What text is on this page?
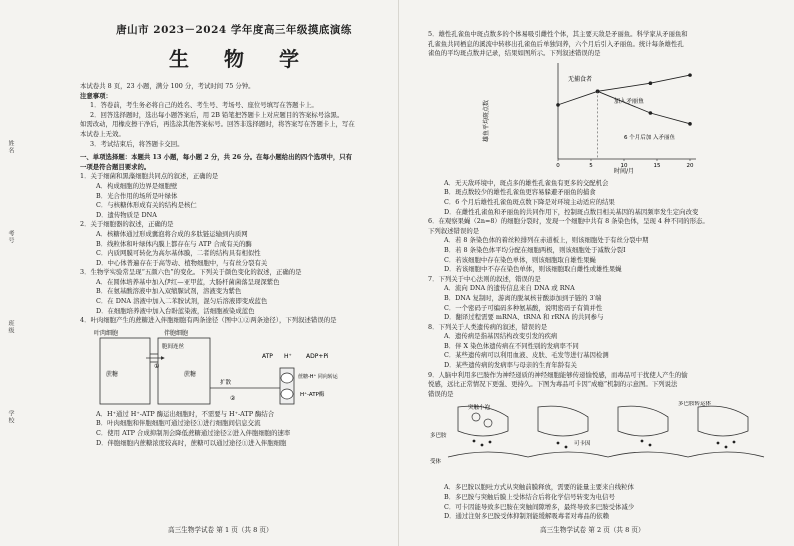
姓名
考号
班级
学校
唐山市 2023－2024 学年度高三年级摸底演练
生 物 学
本试卷共 8 页，23 小题，满分 100 分，考试时间 75 分钟。
注意事项：
1．答卷前，考生务必将自己的姓名、考生号、考场号、座位号填写在答题卡上。
2．回答选择题时，选出每小题答案后，用 2B 铅笔把答题卡上对应题目的答案标号涂黑。
如需改动，用橡皮擦干净后，再选涂其他答案标号。回答非选择题时，将答案写在答题卡上，写在
本试卷上无效。
3．考试结束后，将答题卡交回。
一、单项选择题：本题共 13 小题，每小题 2 分，共 26 分。在每小题给出的四个选项中，只有
一项是符合题目要求的。
1．关于细菌和黑藻细胞共同点的叙述，正确的是
A．构成细胞的边界是细胞壁
B．光合作用的场所是叶绿体
C．与核糖体形成有关的结构是核仁
D．遗传物质是 DNA
2．关于细胞器的叙述，正确的是
A．核糖体通过形成囊泡将合成的多肽链运输到内质网
B．线粒体和叶绿体内膜上都存在与 ATP 合成有关的酶
C．内质网膜可转化为高尔基体膜，二者的结构具有相似性
D．中心体普遍存在于高等动、植物细胞中，与有丝分裂有关
3．生物学实验常呈现“五颜六色”的变化。下列关于颜色变化的叙述，正确的是
A．在圆体培养基中加入伊红—亚甲蓝，大肠杆菌菌落呈现深紫色
B．在氨基酸溶液中加入双缩脲试剂，溶液变为紫色
C．在 DNA 溶液中加入二苯胺试剂，混匀后溶液即变成蓝色
D．在细胞培养液中加入台盼蓝染液，活细胞被染成蓝色
4．叶肉细胞产生的蔗糖进入伴胞细胞有两条途径（图中①②两条途径），下列叙述错误的是
叶肉细胞	伴胞细胞
蔗糖	蔗糖
胞间连丝
①
②
扩散
蔗糖-H⁺ 同向转运
H⁺-ATP酶
ATP	ADP+Pi
H⁺
A．H⁺通过 H⁺-ATP 酶运出细胞时，不需要与 H⁺-ATP 酶结合
B．叶肉细胞和伴胞细胞可通过途径①进行细胞间信息交流
C．使用 ATP 合成抑制剂会降低蔗糖通过途径②进入伴胞细胞的速率
D．伴胞细胞内蔗糖浓度较高时，蔗糖可以通过途径①进入伴胞细胞
高三生物学试卷 第 1 页（共 8 页）
5．雄性孔雀鱼中斑点数多的个体易吸引雌性个体，其主要天敌是矛丽鱼。科学家从矛丽鱼和
孔雀鱼共同栖息的溪流中转移出孔雀鱼后单独饲养，六个月后引入矛丽鱼。统计每条雄性孔
雀鱼的平均斑点数并记录，结果如图所示。下列叙述错误的是
雄鱼平均斑点数
时间/月
无捕食者
加入矛丽鱼
6 个月后加 入矛丽鱼
0	5	10	15	20
A．无天敌环境中，斑点多的雄性孔雀鱼有更多的交配机会
B．斑点数较少的雄性孔雀鱼更容易躲避矛丽鱼的捕食
C．6 个月后雄性孔雀鱼斑点数下降是对环境主动适应的结果
D．在雌性孔雀鱼和矛丽鱼的共同作用下，控制斑点数目相关基因的基因频率发生定向改变
6．在观察果蝇（2n=8）的细胞分裂时，发现一个细胞中共有 8 条染色体，呈现 4 种不同的形态。
下列叙述错误的是
A．若 8 条染色体的着丝粒排列在赤道板上，则该细胞处于有丝分裂中期
B．若 8 条染色体平均分配在细胞两极，则该细胞处于减数分裂Ⅰ
C．若该细胞中存在染色单体，则该细胞取自雄性果蝇
D．若该细胞中不存在染色单体，则该细胞取自雌性或雄性果蝇
7．下列关于中心法则的叙述，错误的是
A．流向 DNA 的遗传信息来自 DNA 或 RNA
B．DNA 复制时，游离的脱氧核苷酸添加到子链的 3′端
C．一个密码子可编码多种氨基酸，说明密码子有简并性
D．翻译过程需要 mRNA、tRNA 和 rRNA 的共同参与
8．下列关于人类遗传病的叙述，错误的是
A．遗传病是指基因结构改变引发的疾病
B．伴 X 染色体遗传病在不同性别的发病率不同
C．某些遗传病可以利用血液、皮肤、毛发等进行基因检测
D．某些遗传病的发病率与母亲的生育年龄有关
9．人脑中利用多巴胺作为神经递质的神经细胞能够传递愉悦感，而毒品可干扰使人产生的愉
悦感，远比正常情况下更强、更持久。下图为毒品可卡因“成瘾”机制的示意图。下列说法
错误的是
突触小泡
多巴胺
受体
可卡因
多巴胺转运体
A．多巴胺以胞吐方式从突触前膜释放，需要的能量主要来自线粒体
B．多巴胺与突触后膜上受体结合后将化学信号转变为电信号
C．可卡因能导致多巴胺在突触间隙增多，最终导致多巴胺受体减少
D．通过注射多巴胺受体抑制剂能缓解吸毒者对毒品的依赖
高三生物学试卷 第 2 页（共 8 页）
